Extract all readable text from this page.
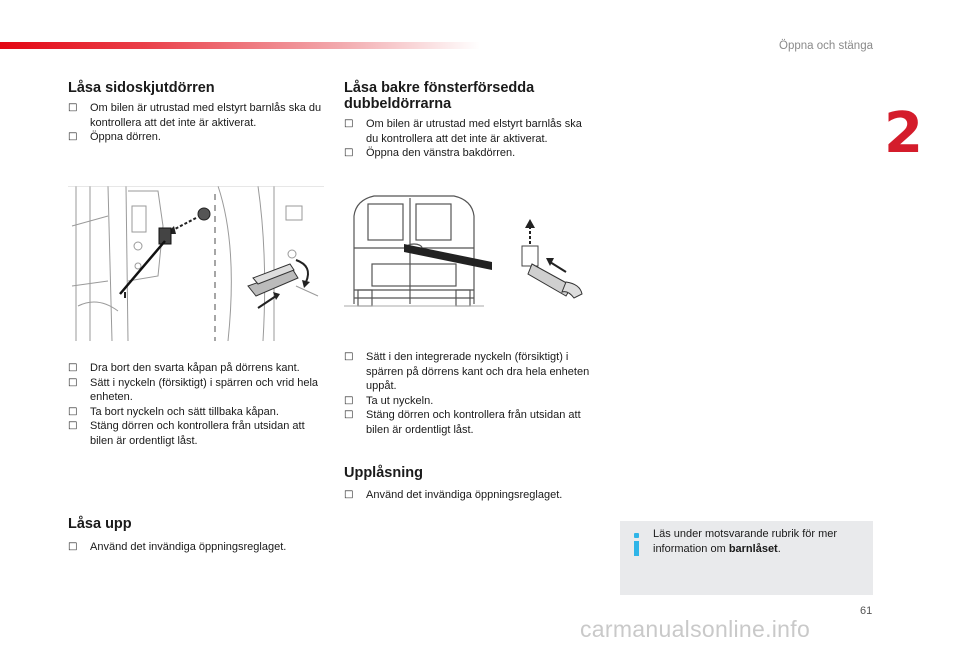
Öppna och stänga
2
Låsa sidoskjutdörren
□ Om bilen är utrustad med elstyrt barnlås ska du kontrollera att det inte är aktiverat.
□ Öppna dörren.
□ Dra bort den svarta kåpan på dörrens kant.
□ Sätt i nyckeln (försiktigt) i spärren och vrid hela enheten.
□ Ta bort nyckeln och sätt tillbaka kåpan.
□ Stäng dörren och kontrollera från utsidan att bilen är ordentligt låst.
Låsa upp
□ Använd det invändiga öppningsreglaget.
Låsa bakre fönsterförsedda dubbeldörrarna
□ Om bilen är utrustad med elstyrt barnlås ska du kontrollera att det inte är aktiverat.
□ Öppna den vänstra bakdörren.
□ Sätt i den integrerade nyckeln (försiktigt) i spärren på dörrens kant och dra hela enheten uppåt.
□ Ta ut nyckeln.
□ Stäng dörren och kontrollera från utsidan att bilen är ordentligt låst.
Upplåsning
□ Använd det invändiga öppningsreglaget.
Läs under motsvarande rubrik för mer information om barnlåset.
61
carmanualsonline.info
